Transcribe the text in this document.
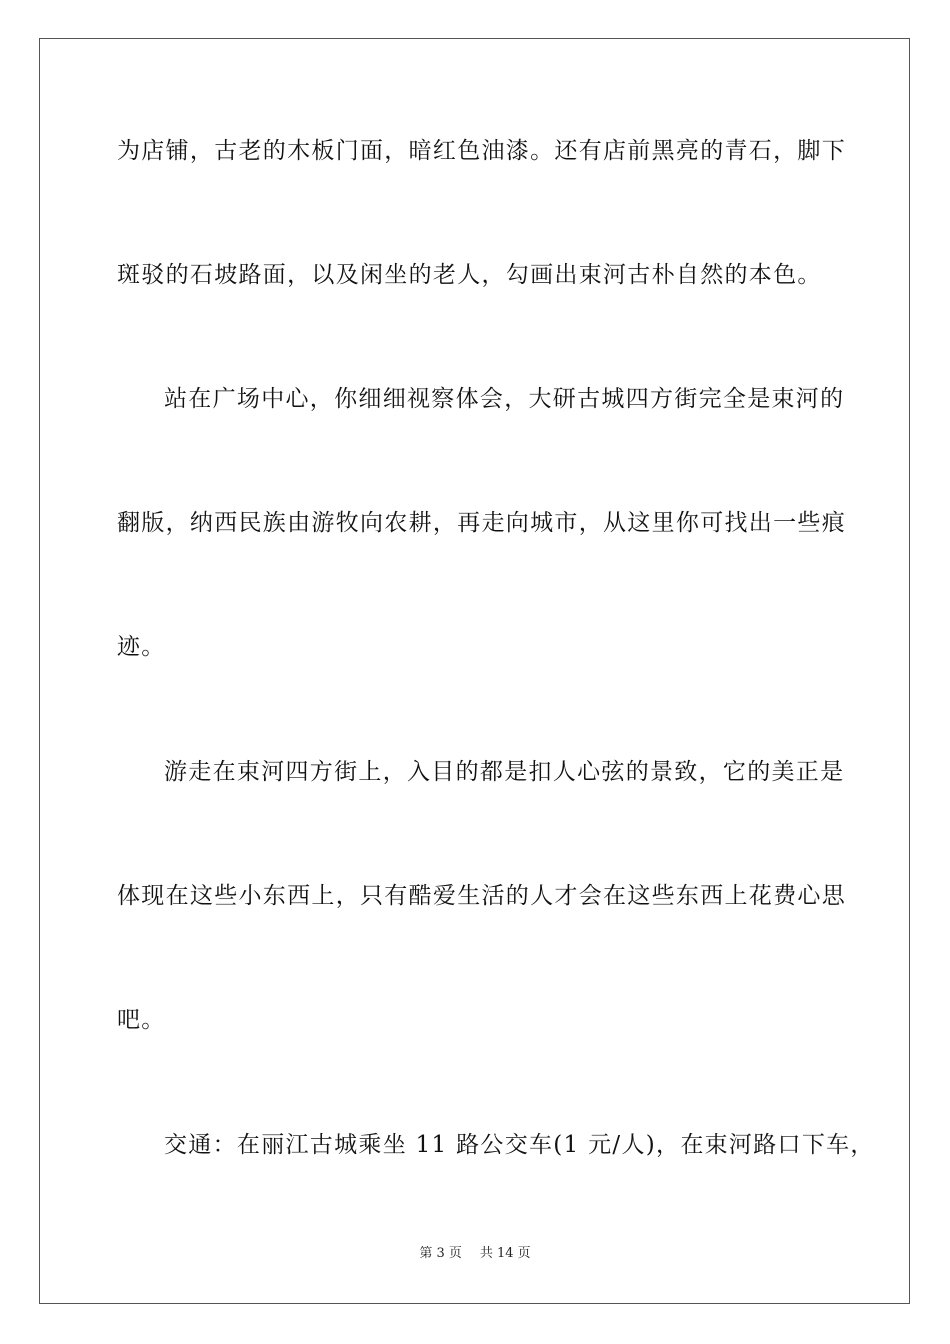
为店铺，古老的木板门面，暗红色油漆。还有店前黑亮的青石，脚下
斑驳的石坡路面，以及闲坐的老人，勾画出束河古朴自然的本色。
站在广场中心，你细细视察体会，大研古城四方街完全是束河的
翻版，纳西民族由游牧向农耕，再走向城市，从这里你可找出一些痕
迹。
游走在束河四方街上，入目的都是扣人心弦的景致，它的美正是
体现在这些小东西上，只有酷爱生活的人才会在这些东西上花费心思
吧。
交通：在丽江古城乘坐 11 路公交车(1 元/人)，在束河路口下车，
第 3 页 共 14 页
